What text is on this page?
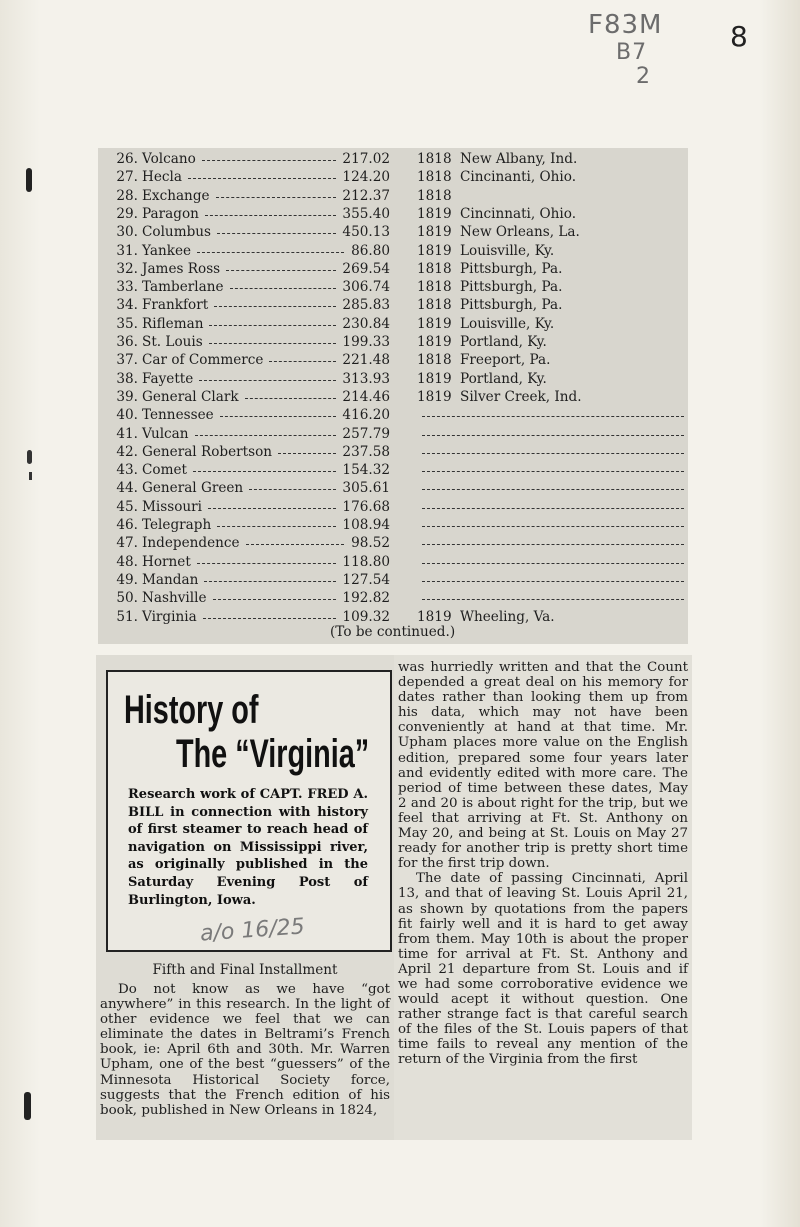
F83M
B7
2
8
26. Volcano	217.02 1818 New Albany, Ind.
27. Hecla	124.20 1818 Cincinanti, Ohio.
28. Exchange	212.37 1818
29. Paragon	355.40 1819 Cincinnati, Ohio.
30. Columbus	450.13 1819 New Orleans, La.
31. Yankee	86.80 1819 Louisville, Ky.
32. James Ross	269.54 1818 Pittsburgh, Pa.
33. Tamberlane	306.74 1818 Pittsburgh, Pa.
34. Frankfort	285.83 1818 Pittsburgh, Pa.
35. Rifleman	230.84 1819 Louisville, Ky.
36. St. Louis	199.33 1819 Portland, Ky.
37. Car of Commerce	221.48 1818 Freeport, Pa.
38. Fayette	313.93 1819 Portland, Ky.
39. General Clark	214.46 1819 Silver Creek, Ind.
40. Tennessee	416.20
41. Vulcan	257.79
42. General Robertson	237.58
43. Comet	154.32
44. General Green	305.61
45. Missouri	176.68
46. Telegraph	108.94
47. Independence	98.52
48. Hornet	118.80
49. Mandan	127.54
50. Nashville	192.82
51. Virginia	109.32 1819 Wheeling, Va.
(To be continued.)
History of
The “Virginia”
Research work of CAPT. FRED A. BILL in connection with history of first steamer to reach head of navigation on Mississippi river, as originally published in the Saturday Evening Post of Burlington, Iowa.
a/o 16/25
Fifth and Final Installment

Do not know as we have “got anywhere” in this research. In the light of other evidence we feel that we can eliminate the dates in Beltrami’s French book, ie: April 6th and 30th. Mr. Warren Upham, one of the best “guessers” of the Minnesota Historical Society force, suggests that the French edition of his book, published in New Orleans in 1824,

was hurriedly written and that the Count depended a great deal on his memory for dates rather than looking them up from his data, which may not have been conveniently at hand at that time. Mr. Upham places more value on the English edition, prepared some four years later and evidently edited with more care. The period of time between these dates, May 2 and 20 is about right for the trip, but we feel that arriving at Ft. St. Anthony on May 20, and being at St. Louis on May 27 ready for another trip is pretty short time for the first trip down.

The date of passing Cincinnati, April 13, and that of leaving St. Louis April 21, as shown by quotations from the papers fit fairly well and it is hard to get away from them. May 10th is about the proper time for arrival at Ft. St. Anthony and April 21 departure from St. Louis and if we had some corroborative evidence we would acept it without question. One rather strange fact is that careful search of the files of the St. Louis papers of that time fails to reveal any mention of the return of the Virginia from the first
